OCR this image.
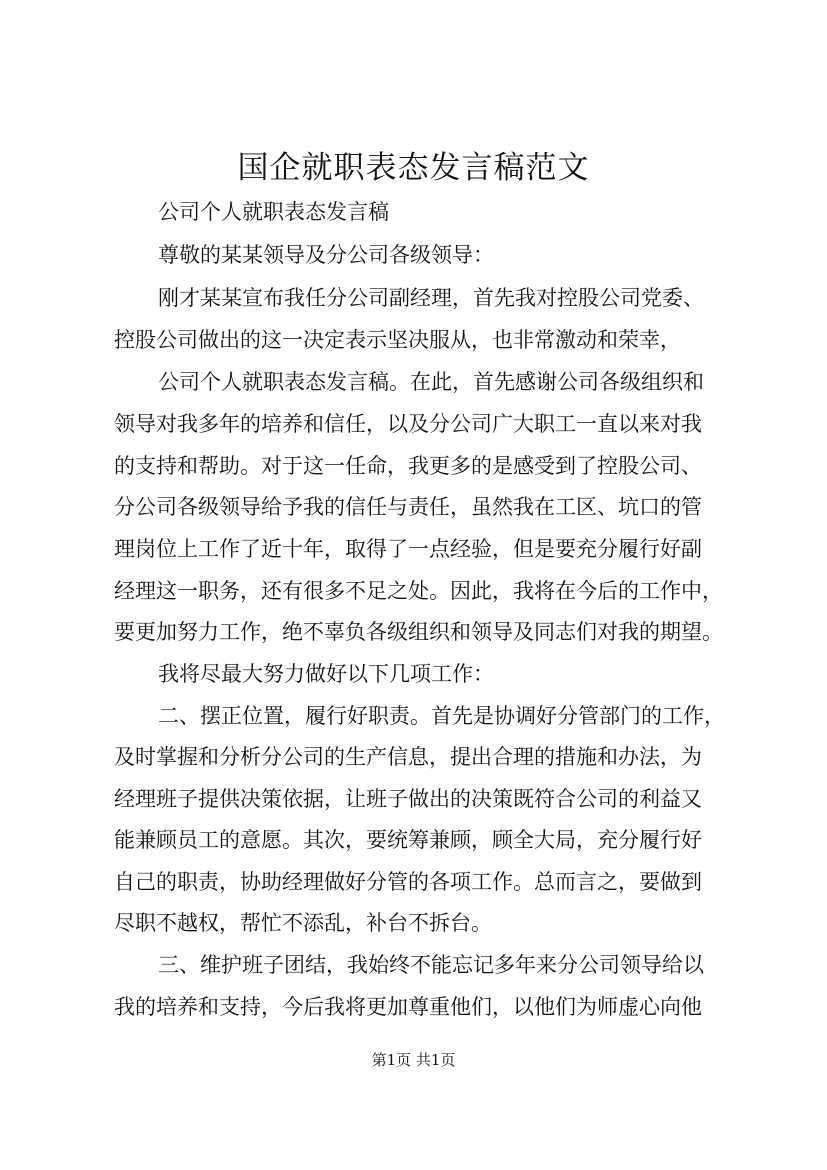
国企就职表态发言稿范文
公司个人就职表态发言稿
尊敬的某某领导及分公司各级领导：
刚才某某宣布我任分公司副经理，首先我对控股公司党委、
控股公司做出的这一决定表示坚决服从，也非常激动和荣幸，
公司个人就职表态发言稿。在此，首先感谢公司各级组织和
领导对我多年的培养和信任，以及分公司广大职工一直以来对我
的支持和帮助。对于这一任命，我更多的是感受到了控股公司、
分公司各级领导给予我的信任与责任，虽然我在工区、坑口的管
理岗位上工作了近十年，取得了一点经验，但是要充分履行好副
经理这一职务，还有很多不足之处。因此，我将在今后的工作中，
要更加努力工作，绝不辜负各级组织和领导及同志们对我的期望。
我将尽最大努力做好以下几项工作：
二、摆正位置，履行好职责。首先是协调好分管部门的工作，
及时掌握和分析分公司的生产信息，提出合理的措施和办法，为
经理班子提供决策依据，让班子做出的决策既符合公司的利益又
能兼顾员工的意愿。其次，要统筹兼顾，顾全大局，充分履行好
自己的职责，协助经理做好分管的各项工作。总而言之，要做到
尽职不越权，帮忙不添乱，补台不拆台。
三、维护班子团结，我始终不能忘记多年来分公司领导给以
我的培养和支持，今后我将更加尊重他们，以他们为师虚心向他
第1页 共1页
